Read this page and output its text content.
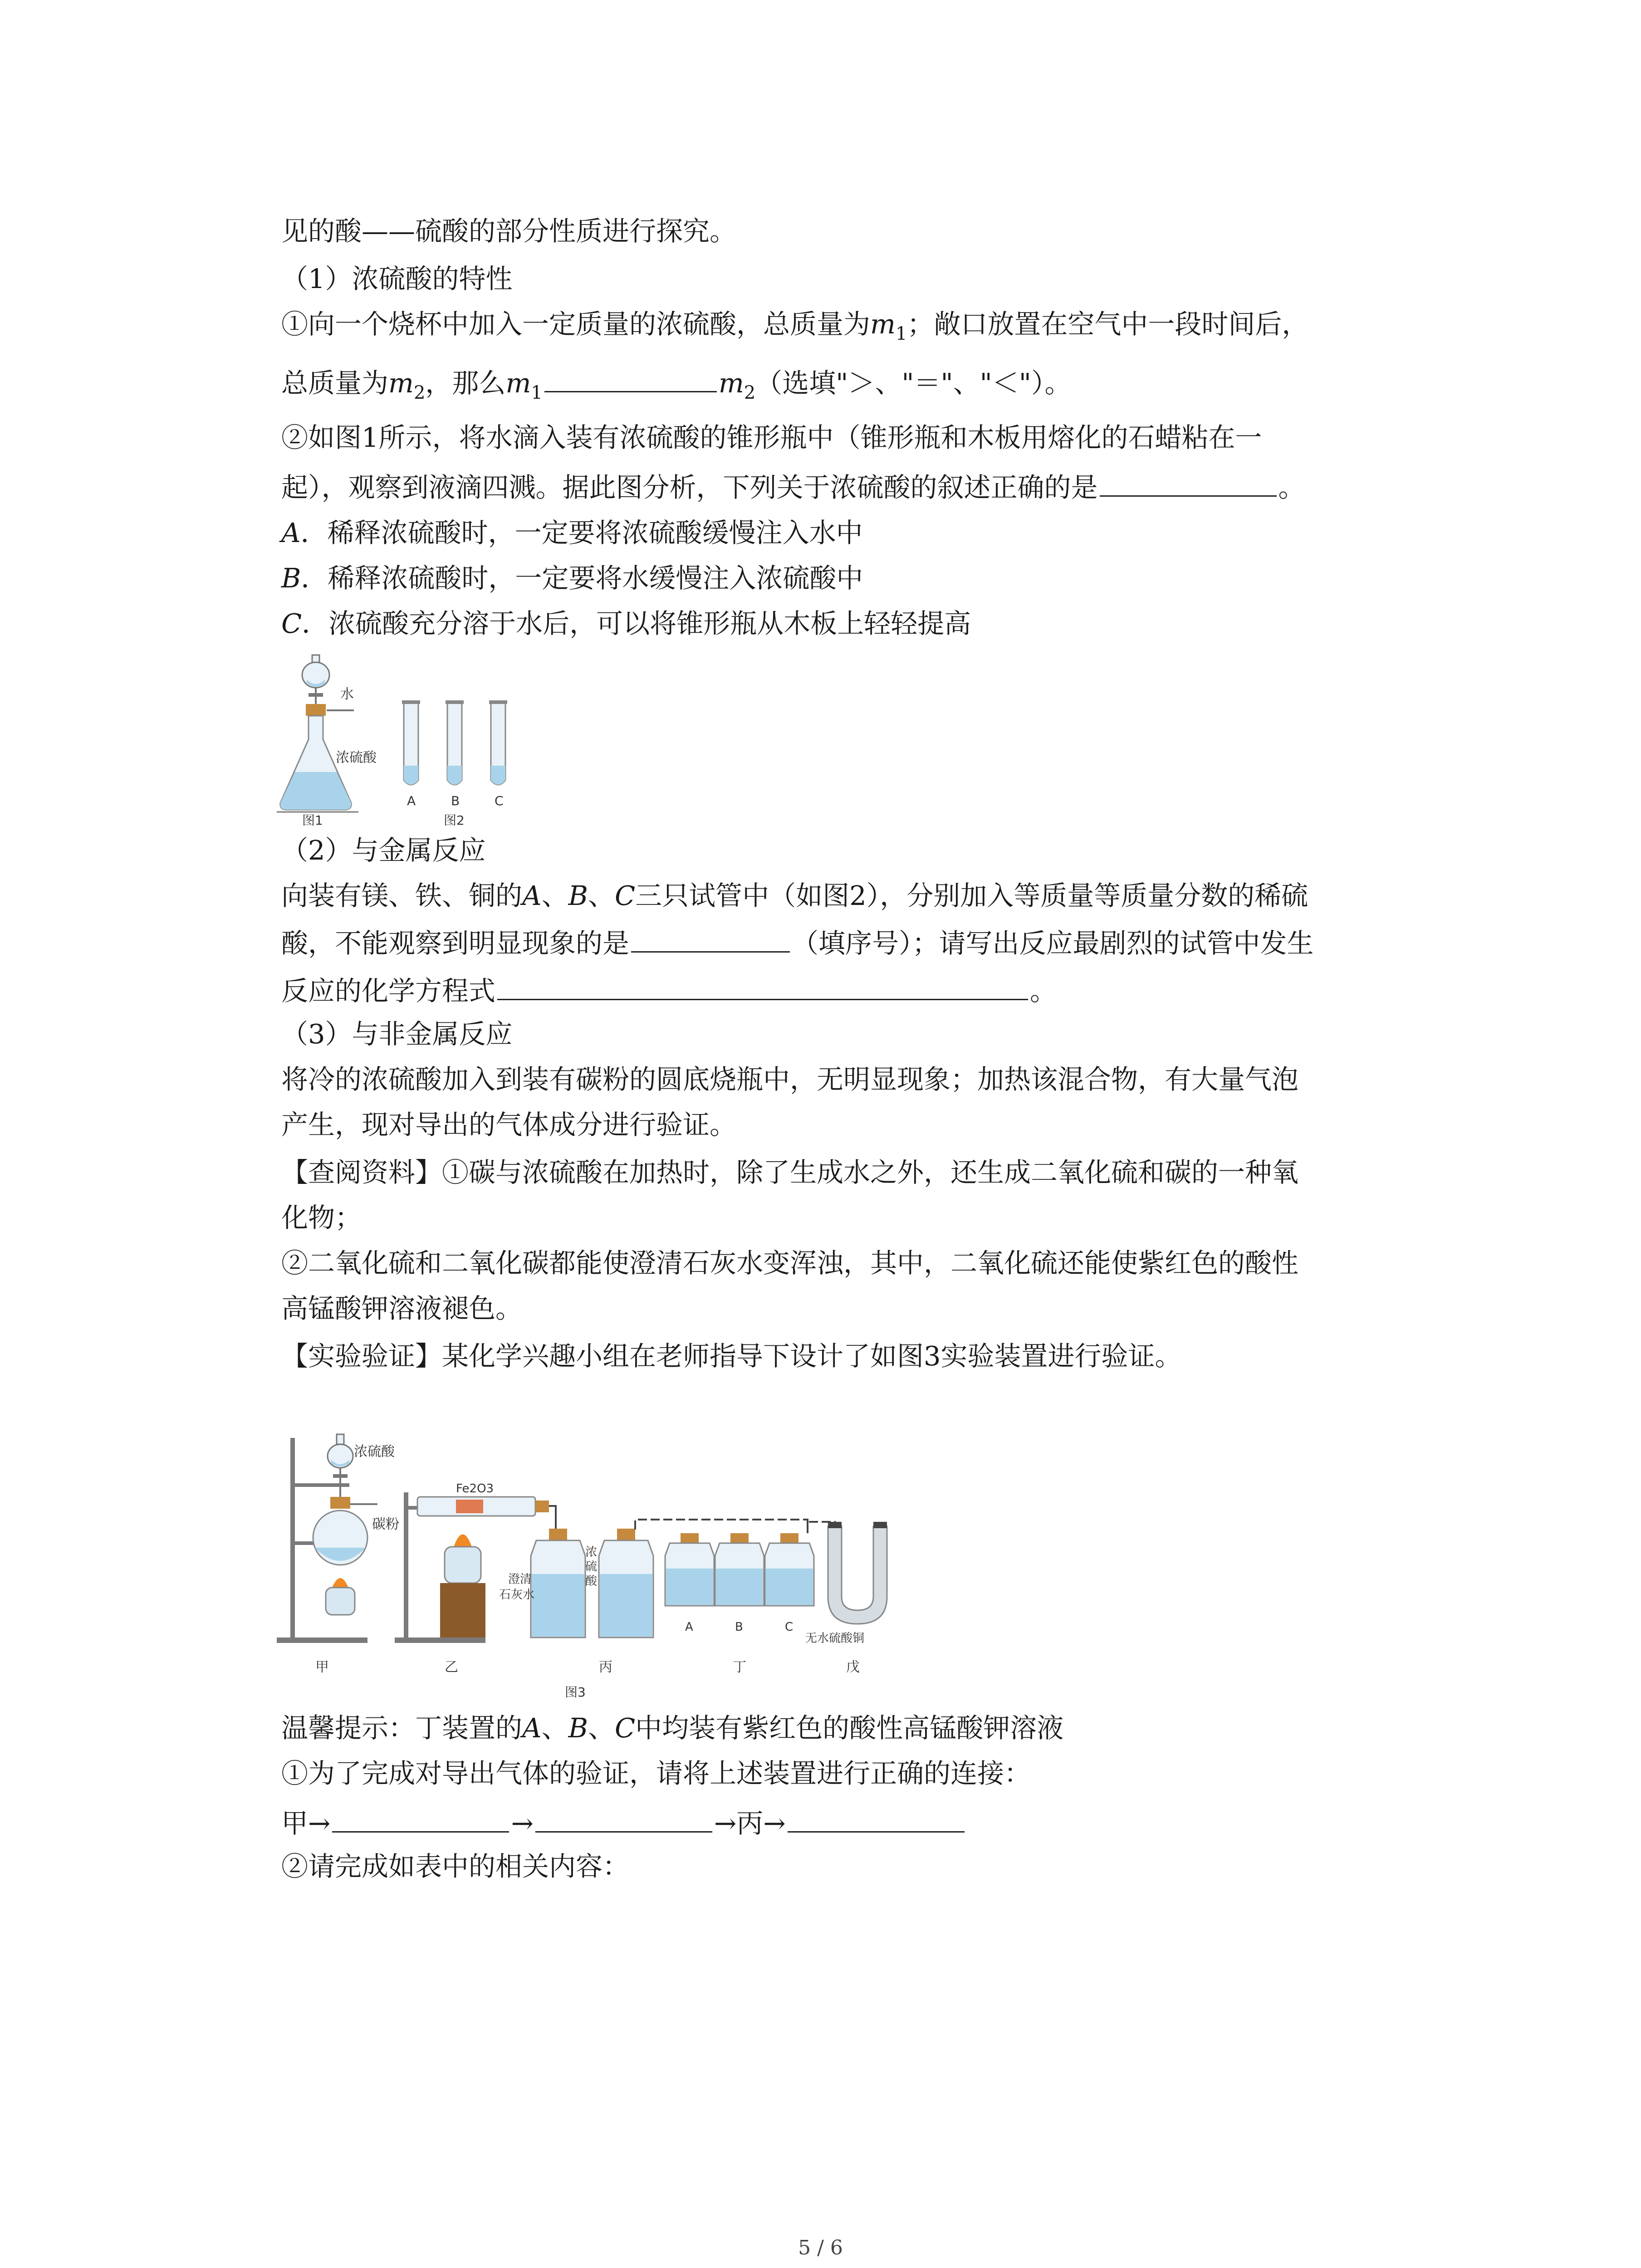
见的酸——硫酸的部分性质进行探究。
（1）浓硫酸的特性
①向一个烧杯中加入一定质量的浓硫酸，总质量为$m_1$；敞口放置在空气中一段时间后，
总质量为$m_2$，那么$m_1$	$m_2$（选填"＞、"＝"、"＜"）。
②如图1所示，将水滴入装有浓硫酸的锥形瓶中（锥形瓶和木板用熔化的石蜡粘在一
起），观察到液滴四溅。据此图分析，下列关于浓硫酸的叙述正确的是	。
A．稀释浓硫酸时，一定要将浓硫酸缓慢注入水中
B．稀释浓硫酸时，一定要将水缓慢注入浓硫酸中
C．浓硫酸充分溶于水后，可以将锥形瓶从木板上轻轻提高
水
浓硫酸
A	B	C
图1	图2
（2）与金属反应
向装有镁、铁、铜的A、B、C三只试管中（如图2），分别加入等质量等质量分数的稀硫
酸，不能观察到明显现象的是	（填序号）；请写出反应最剧烈的试管中发生
反应的化学方程式	。
（3）与非金属反应
将冷的浓硫酸加入到装有碳粉的圆底烧瓶中，无明显现象；加热该混合物，有大量气泡
产生，现对导出的气体成分进行验证。
【查阅资料】①碳与浓硫酸在加热时，除了生成水之外，还生成二氧化硫和碳的一种氧
化物；
②二氧化硫和二氧化碳都能使澄清石灰水变浑浊，其中，二氧化硫还能使紫红色的酸性
高锰酸钾溶液褪色。
【实验验证】某化学兴趣小组在老师指导下设计了如图3实验装置进行验证。
浓硫酸
碳粉
甲
Fe2O3
乙
澄清
石灰水
浓
硫
酸
丙
A	B	C
丁
无水硫酸铜
戊
图3
温馨提示：丁装置的A、B、C中均装有紫红色的酸性高锰酸钾溶液
①为了完成对导出气体的验证，请将上述装置进行正确的连接：
甲→	→	→丙→
②请完成如表中的相关内容：
5 / 6
